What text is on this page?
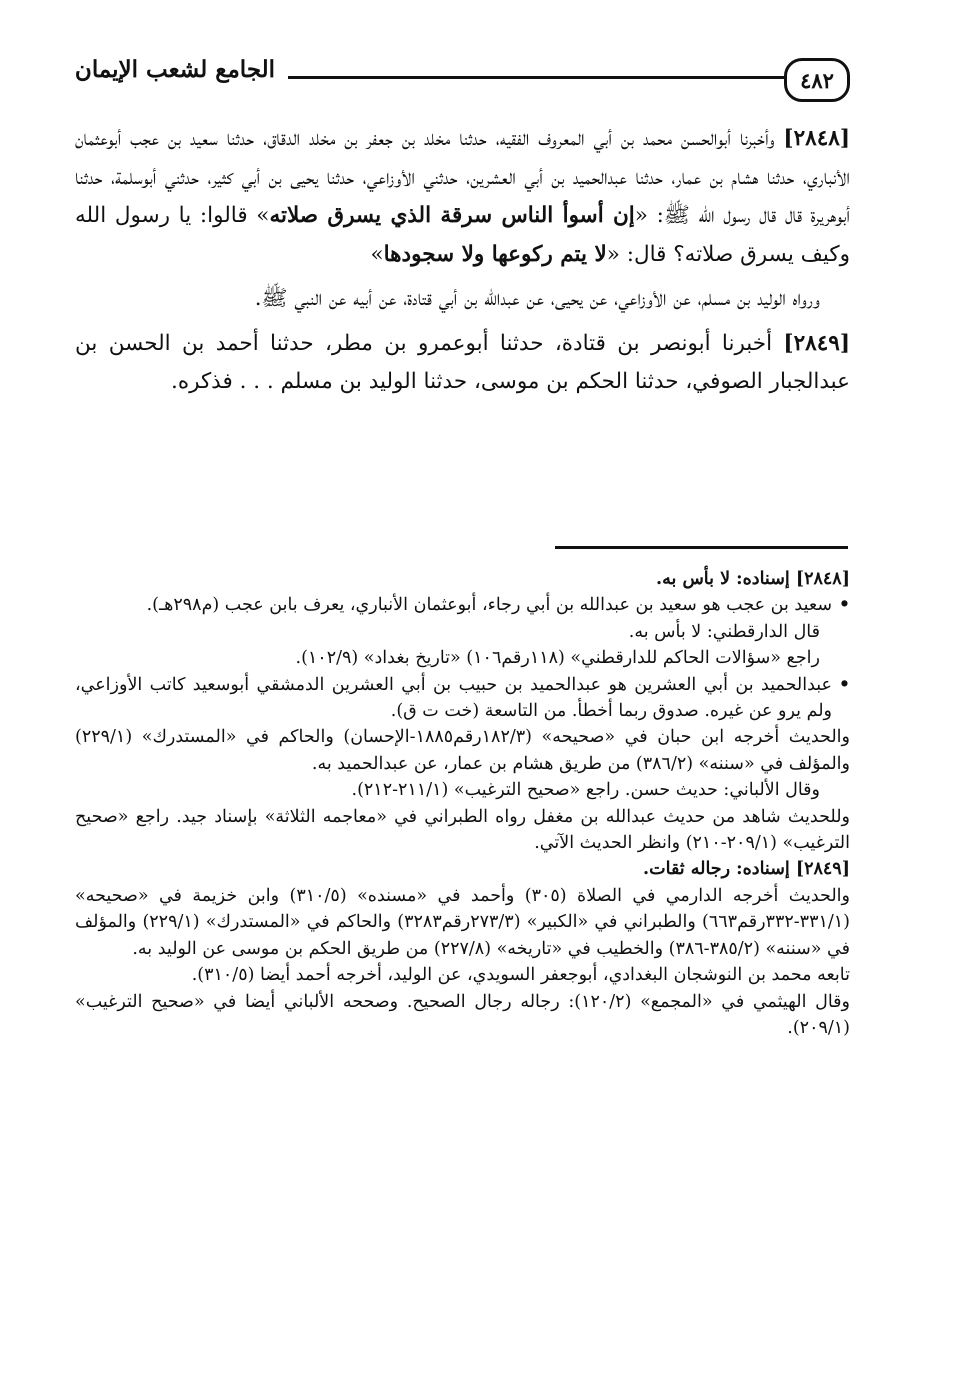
٤٨٢
الجامع لشعب الإيمان

[٢٨٤٨] وأخبرنا أبوالحسن محمد بن أبي المعروف الفقيه، حدثنا مخلد بن جعفر بن مخلد الدقاق، حدثنا سعيد بن عجب أبوعثمان الأنباري، حدثنا هشام بن عمار، حدثنا عبدالحميد بن أبي العشرين، حدثني الأوزاعي، حدثنا يحيى بن أبي كثير، حدثني أبوسلمة، حدثنا أبوهريرة قال قال رسول الله ﷺ: «إن أسوأ الناس سرقة الذي يسرق صلاته» قالوا: يا رسول الله وكيف يسرق صلاته؟ قال: «لا يتم ركوعها ولا سجودها»

ورواه الوليد بن مسلم، عن الأوزاعي، عن يحيى، عن عبدالله بن أبي قتادة، عن أبيه عن النبي ﷺ.

[٢٨٤٩] أخبرنا أبونصر بن قتادة، حدثنا أبوعمرو بن مطر، حدثنا أحمد بن الحسن بن عبدالجبار الصوفي، حدثنا الحكم بن موسى، حدثنا الوليد بن مسلم . . . فذكره.

[٢٨٤٨] إسناده: لا بأس به.

•
سعيد بن عجب هو سعيد بن عبدالله بن أبي رجاء، أبوعثمان الأنباري، يعرف بابن عجب (م٢٩٨هـ).

قال الدارقطني: لا بأس به.

راجع «سؤالات الحاكم للدارقطني» (١١٨رقم١٠٦) «تاريخ بغداد» (١٠٢/٩).

•
عبدالحميد بن أبي العشرين هو عبدالحميد بن حبيب بن أبي العشرين الدمشقي أبوسعيد كاتب الأوزاعي، ولم يرو عن غيره. صدوق ربما أخطأ. من التاسعة (خت ت ق).

والحديث أخرجه ابن حبان في «صحيحه» (١٨٢/٣رقم١٨٨٥-الإحسان) والحاكم في «المستدرك» (٢٢٩/١) والمؤلف في «سننه» (٣٨٦/٢) من طريق هشام بن عمار، عن عبدالحميد به.

وقال الألباني: حديث حسن. راجع «صحيح الترغيب» (٢١١/١-٢١٢).

وللحديث شاهد من حديث عبدالله بن مغفل رواه الطبراني في «معاجمه الثلاثة» بإسناد جيد. راجع «صحيح الترغيب» (٢٠٩/١-٢١٠) وانظر الحديث الآتي.

[٢٨٤٩] إسناده: رجاله ثقات.

والحديث أخرجه الدارمي في الصلاة (٣٠٥) وأحمد في «مسنده» (٣١٠/٥) وابن خزيمة في «صحيحه» (٣٣١/١-٣٣٢رقم٦٦٣) والطبراني في «الكبير» (٢٧٣/٣رقم٣٢٨٣) والحاكم في «المستدرك» (٢٢٩/١) والمؤلف في «سننه» (٣٨٥/٢-٣٨٦) والخطيب في «تاريخه» (٢٢٧/٨) من طريق الحكم بن موسى عن الوليد به.

تابعه محمد بن النوشجان البغدادي، أبوجعفر السويدي، عن الوليد، أخرجه أحمد أيضا (٣١٠/٥).

وقال الهيثمي في «المجمع» (١٢٠/٢): رجاله رجال الصحيح. وصححه الألباني أيضا في «صحيح الترغيب» (٢٠٩/١).
